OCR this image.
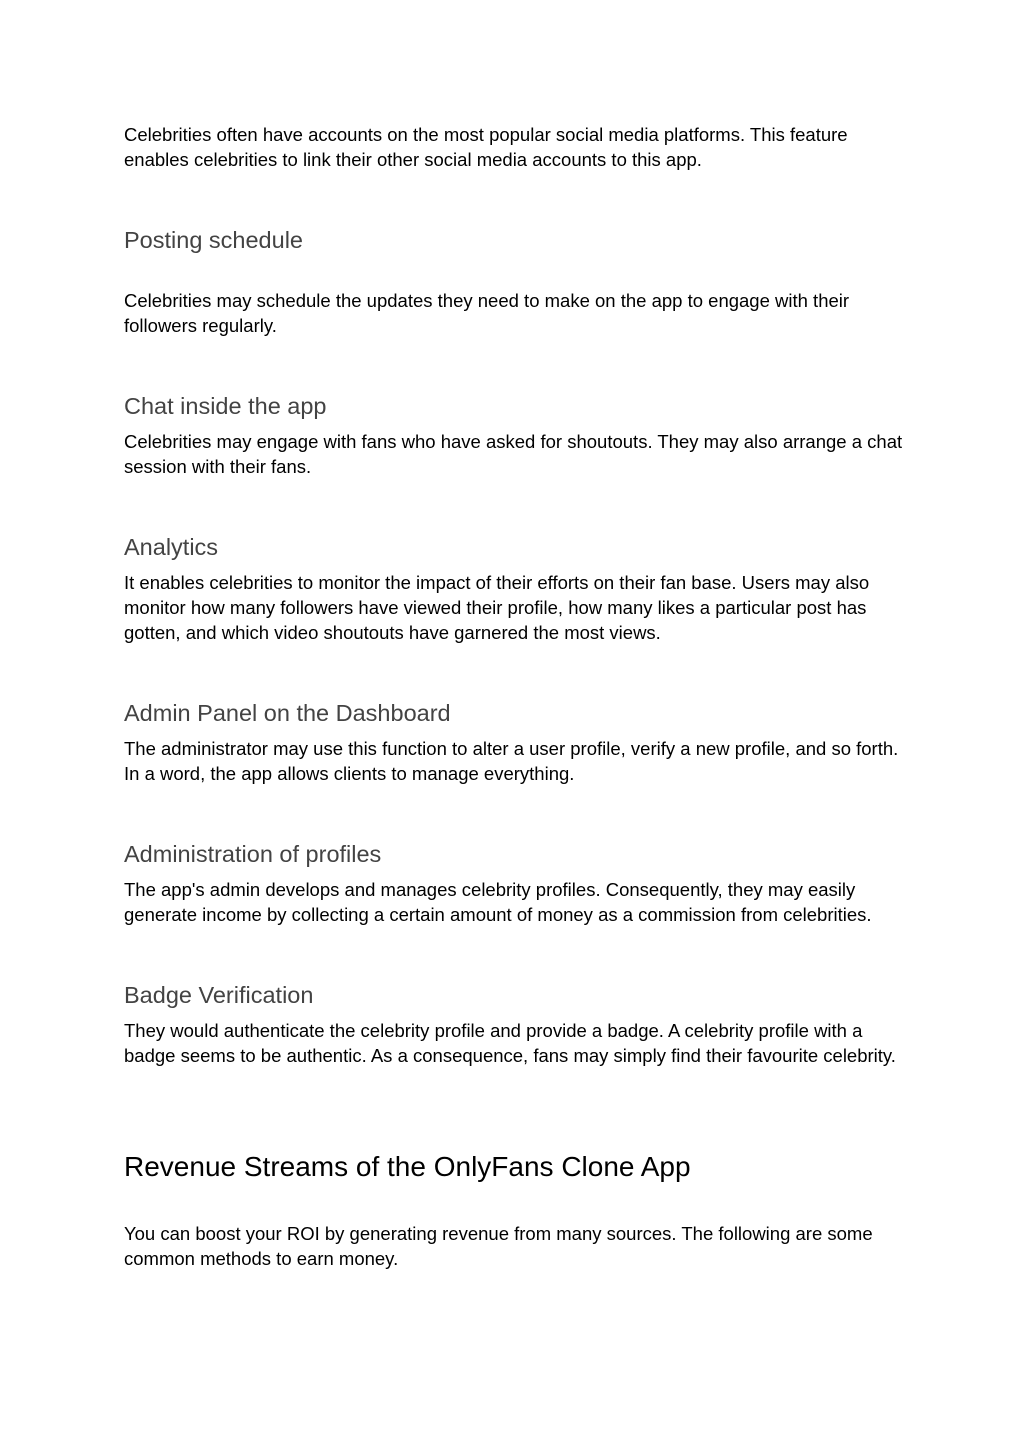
Celebrities often have accounts on the most popular social media platforms. This feature enables celebrities to link their other social media accounts to this app.

Posting schedule

Celebrities may schedule the updates they need to make on the app to engage with their followers regularly.

Chat inside the app

Celebrities may engage with fans who have asked for shoutouts. They may also arrange a chat session with their fans.

Analytics

It enables celebrities to monitor the impact of their efforts on their fan base. Users may also monitor how many followers have viewed their profile, how many likes a particular post has gotten, and which video shoutouts have garnered the most views.

Admin Panel on the Dashboard

The administrator may use this function to alter a user profile, verify a new profile, and so forth. In a word, the app allows clients to manage everything.

Administration of profiles

The app's admin develops and manages celebrity profiles. Consequently, they may easily generate income by collecting a certain amount of money as a commission from celebrities.

Badge Verification

They would authenticate the celebrity profile and provide a badge. A celebrity profile with a badge seems to be authentic. As a consequence, fans may simply find their favourite celebrity.

Revenue Streams of the OnlyFans Clone App

You can boost your ROI by generating revenue from many sources. The following are some common methods to earn money.
